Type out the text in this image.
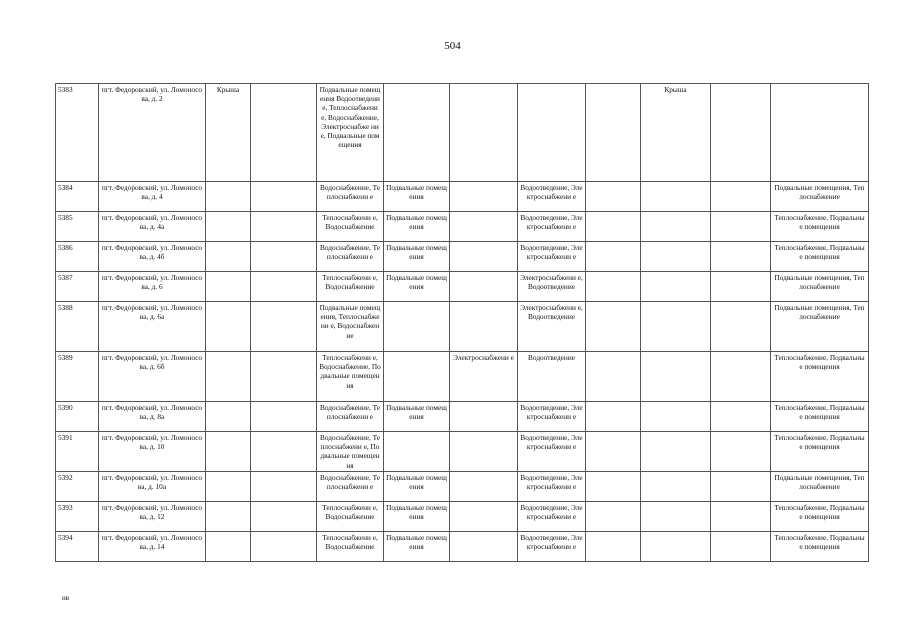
504
5383	пгт. Федоровский, ул. Ломоносова, д. 2	Крыша		Подвальные помещения Водоотведение, Теплоснабжени е, Водоснабжение, Электроснабже ние, Подвальные помещения					Крыша		
5384	пгт. Федоровский, ул. Ломоносова, д. 4			Водоснабжение, Теплоснабжени е	Подвальные помещения		Водоотведение, Электроснабжени е				Подвальные помещения, Теплоснабжение
5385	пгт. Федоровский, ул. Ломоносова, д. 4а			Теплоснабжени е, Водоснабжение	Подвальные помещения		Водоотведение, Электроснабжени е				Теплоснабжение, Подвальные помещения
5386	пгт. Федоровский, ул. Ломоносова, д. 4б			Водоснабжение, Теплоснабжени е	Подвальные помещения		Водоотведение, Электроснабжени е				Теплоснабжение, Подвальные помещения
5387	пгт. Федоровский, ул. Ломоносова, д. 6			Теплоснабжени е, Водоснабжение	Подвальные помещения		Электроснабжени е, Водоотведение				Подвальные помещения, Теплоснабжение
5388	пгт. Федоровский, ул. Ломоносова, д. 6а			Подвальные помещения, Теплоснабжени е, Водоснабжение			Электроснабжени е, Водоотведение				Подвальные помещения, Теплоснабжение
5389	пгт. Федоровский, ул. Ломоносова, д. 6б			Теплоснабжени е, Водоснабжение, Подвальные помещения		Электроснабжени е	Водоотведение				Теплоснабжение, Подвальные помещения
5390	пгт. Федоровский, ул. Ломоносова, д. 8а			Водоснабжение, Теплоснабжени е	Подвальные помещения		Водоотведение, Электроснабжени е				Теплоснабжение, Подвальные помещения
5391	пгт. Федоровский, ул. Ломоносова, д. 10			Водоснабжение, Теплоснабжени е, Подвальные помещения			Водоотведение, Электроснабжени е				Теплоснабжение, Подвальные помещения
5392	пгт. Федоровский, ул. Ломоносова, д. 10а			Водоснабжение, Теплоснабжени е	Подвальные помещения		Водоотведение, Электроснабжени е				Подвальные помещения, Теплоснабжение
5393	пгт. Федоровский, ул. Ломоносова, д. 12			Теплоснабжени е, Водоснабжение	Подвальные помещения		Водоотведение, Электроснабжени е				Теплоснабжение, Подвальные помещения
5394	пгт. Федоровский, ул. Ломоносова, д. 14			Теплоснабжени е, Водоснабжение	Подвальные помещения		Водоотведение, Электроснабжени е				Теплоснабжение, Подвальные помещения
нв
